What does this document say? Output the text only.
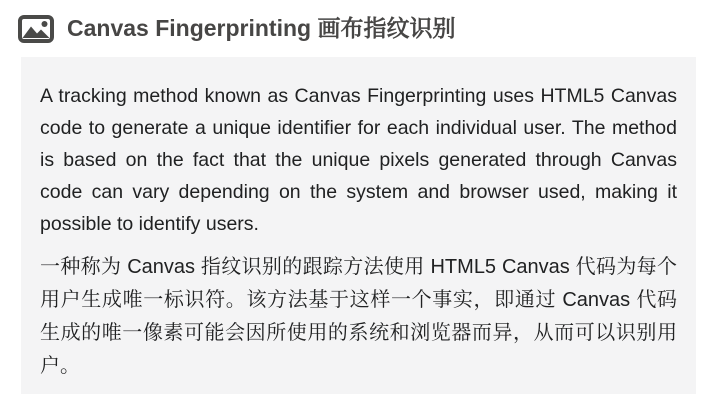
Canvas Fingerprinting 画布指纹识别

A tracking method known as Canvas Fingerprinting uses HTML5 Canvas code to generate a unique identifier for each individual user. The method is based on the fact that the unique pixels generated through Canvas code can vary depending on the system and browser used, making it possible to identify users.

一种称为 Canvas 指纹识别的跟踪方法使用 HTML5 Canvas 代码为每个用户生成唯一标识符。该方法基于这样一个事实，即通过 Canvas 代码生成的唯一像素可能会因所使用的系统和浏览器而异，从而可以识别用户。
